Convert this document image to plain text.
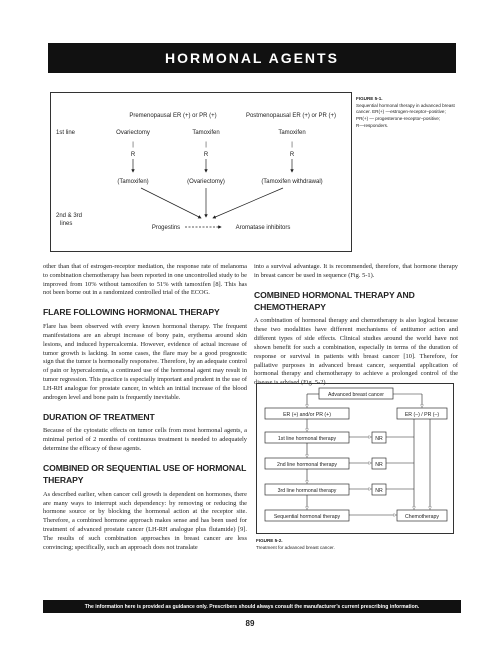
HORMONAL AGENTS
Premenopausal ER (+) or PR (+)	Postmenopausal ER (+) or PR (+)
1st line
2nd & 3rd
lines
Ovariectomy	Tamoxifen	Tamoxifen
|	|	|
R	R	R
(Tamoxifen)	(Ovariectomy)	(Tamoxifen withdrawal)
Progestins	Aromatase inhibitors
FIGURE 5-1.
Sequential hormonal therapy in advanced breast
cancer. ER(+) —estrogen-receptor–positive;
PR(+) — progesterone-receptor–positive;
R—responders.

other than that of estrogen-receptor mediation, the response rate of melanoma to combination chemotherapy has been reported in one uncontrolled study to be improved from 10% without tamoxifen to 51% with tamoxifen [8]. This has not been borne out in a randomized controlled trial of the ECOG.

FLARE FOLLOWING HORMONAL THERAPY

Flare has been observed with every known hormonal therapy. The frequent manifestations are an abrupt increase of bony pain, erythema around skin lesions, and induced hypercalcemia. However, evidence of actual increase of tumor growth is lacking. In some cases, the flare may be a good prognostic sign that the tumor is hormonally responsive. Therefore, by an adequate control of pain or hypercalcemia, a continued use of the hormonal agent may result in tumor regression. This practice is especially important and prudent in the use of LH-RH analogue for prostate cancer, in which an initial increase of the blood androgen level and bone pain is frequently inevitable.

DURATION OF TREATMENT

Because of the cytostatic effects on tumor cells from most hormonal agents, a minimal period of 2 months of continuous treatment is needed to adequately determine the efficacy of these agents.

COMBINED OR SEQUENTIAL USE OF HORMONAL THERAPY

As described earlier, when cancer cell growth is dependent on hormones, there are many ways to interrupt such dependency: by removing or reducing the hormone source or by blocking the hormonal action at the receptor site. Therefore, a combined hormone approach makes sense and has been used for treatment of advanced prostate cancer (LH-RH analogue plus flutamide) [9]. The results of such combination approaches in breast cancer are less convincing; specifically, such an approach does not translate

into a survival advantage. It is recommended, therefore, that hormone therapy in breast cancer be used in sequence (Fig. 5-1).

COMBINED HORMONAL THERAPY AND CHEMOTHERAPY

A combination of hormonal therapy and chemotherapy is also logical because these two modalities have different mechanisms of antitumor action and different types of side effects. Clinical studies around the world have not shown benefit for such a combination, especially in terms of the duration of response or survival in patients with breast cancer [10]. Therefore, for palliative purposes in advanced breast cancer, sequential application of hormonal therapy and chemotherapy to achieve a prolonged control of the disease is advised (Fig. 5-2).

Advanced breast cancer
ER (+) and/or PR (+)	ER (–) / PR (–)
1st line hormonal therapy
2nd line hormonal therapy
3rd line hormonal therapy
Sequential hormonal therapy	Chemotherapy
NR
NR
NR
FIGURE 5-2.
Treatment for advanced breast cancer.
The information here is provided as guidance only. Prescribers should always consult the manufacturer’s current prescribing information.
89
